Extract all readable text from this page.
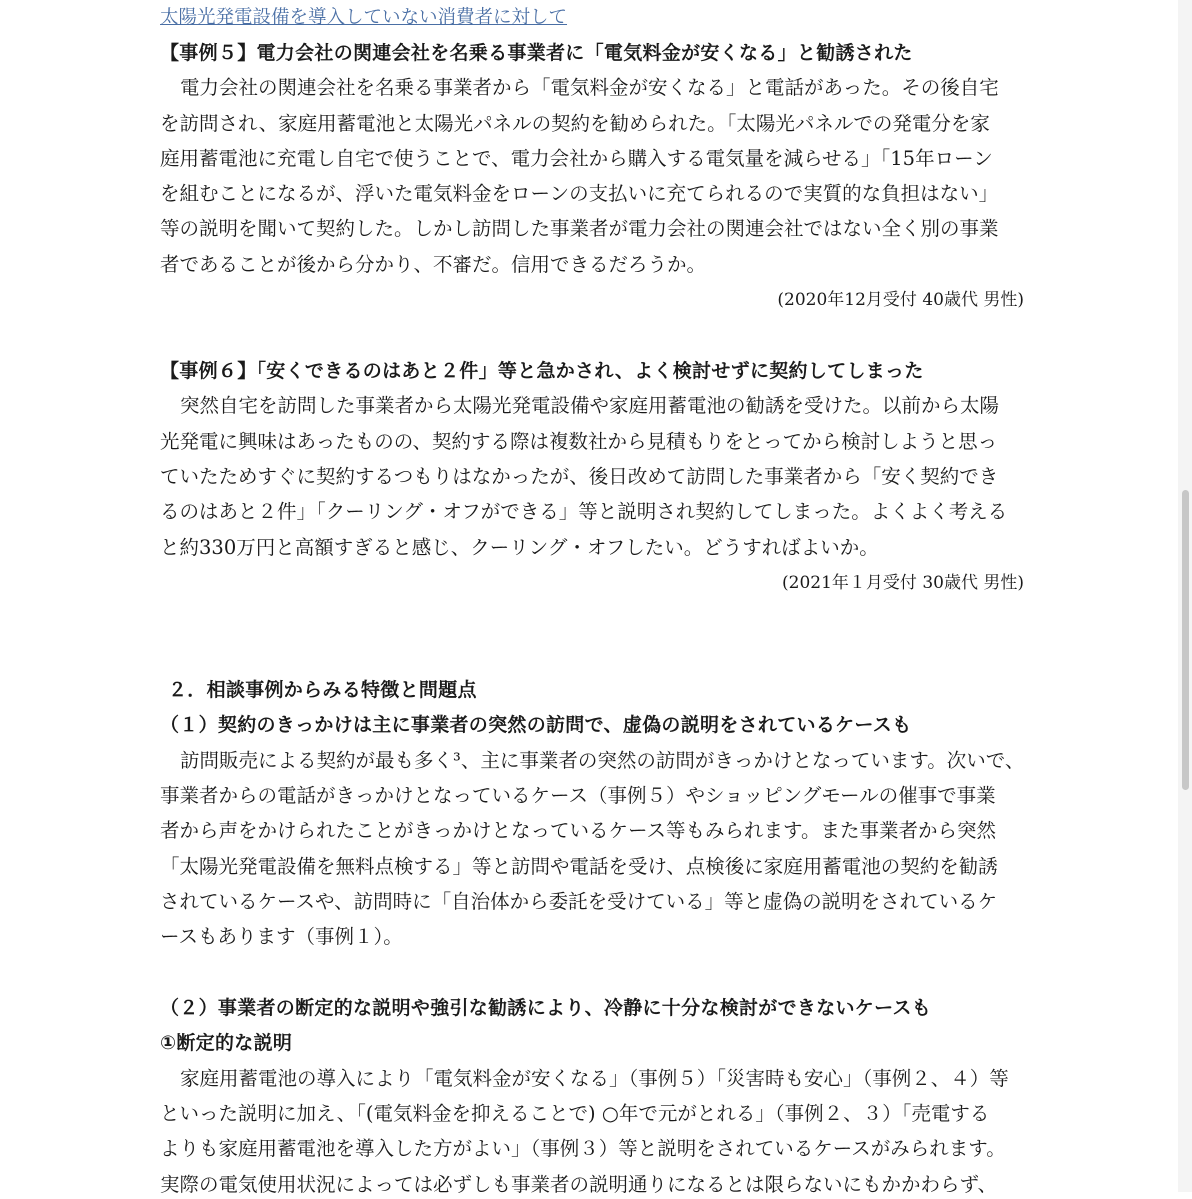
太陽光発電設備を導入していない消費者に対して
【事例５】電力会社の関連会社を名乗る事業者に「電気料金が安くなる」と勧誘された
電力会社の関連会社を名乗る事業者から「電気料金が安くなる」と電話があった。その後自宅
を訪問され、家庭用蓄電池と太陽光パネルの契約を勧められた。「太陽光パネルでの発電分を家
庭用蓄電池に充電し自宅で使うことで、電力会社から購入する電気量を減らせる」「15年ローン
を組むことになるが、浮いた電気料金をローンの支払いに充てられるので実質的な負担はない」
等の説明を聞いて契約した。しかし訪問した事業者が電力会社の関連会社ではない全く別の事業
者であることが後から分かり、不審だ。信用できるだろうか。
(2020年12月受付 40歳代 男性)
【事例６】「安くできるのはあと２件」等と急かされ、よく検討せずに契約してしまった
突然自宅を訪問した事業者から太陽光発電設備や家庭用蓄電池の勧誘を受けた。以前から太陽
光発電に興味はあったものの、契約する際は複数社から見積もりをとってから検討しようと思っ
ていたためすぐに契約するつもりはなかったが、後日改めて訪問した事業者から「安く契約でき
るのはあと２件」「クーリング・オフができる」等と説明され契約してしまった。よくよく考える
と約330万円と高額すぎると感じ、クーリング・オフしたい。どうすればよいか。
(2021年１月受付 30歳代 男性)
２．相談事例からみる特徴と問題点
（１）契約のきっかけは主に事業者の突然の訪問で、虚偽の説明をされているケースも
訪問販売による契約が最も多く³、主に事業者の突然の訪問がきっかけとなっています。次いで、
事業者からの電話がきっかけとなっているケース（事例５）やショッピングモールの催事で事業
者から声をかけられたことがきっかけとなっているケース等もみられます。また事業者から突然
「太陽光発電設備を無料点検する」等と訪問や電話を受け、点検後に家庭用蓄電池の契約を勧誘
されているケースや、訪問時に「自治体から委託を受けている」等と虚偽の説明をされているケ
ースもあります（事例１）。
（２）事業者の断定的な説明や強引な勧誘により、冷静に十分な検討ができないケースも
①断定的な説明
家庭用蓄電池の導入により「電気料金が安くなる」（事例５）「災害時も安心」（事例２、４）等
といった説明に加え、「(電気料金を抑えることで) ○年で元がとれる」（事例２、３）「売電する
よりも家庭用蓄電池を導入した方がよい」（事例３）等と説明をされているケースがみられます。
実際の電気使用状況によっては必ずしも事業者の説明通りになるとは限らないにもかかわらず、
